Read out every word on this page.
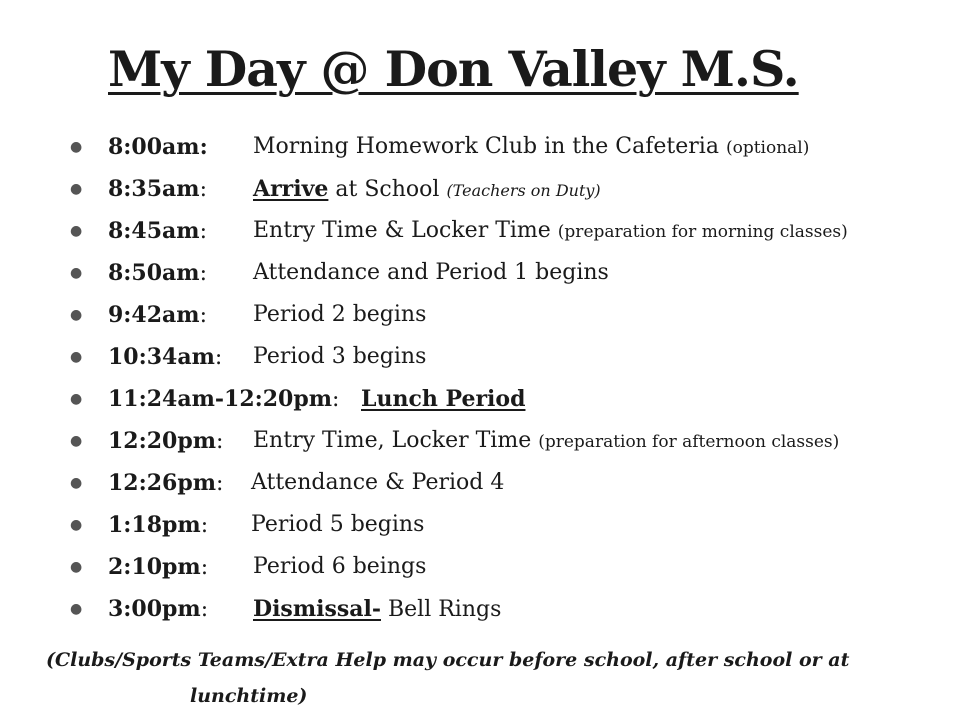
My Day @ Don Valley M.S.
● 8:00am: Morning Homework Club in the Cafeteria (optional)
● 8:35am: Arrive at School (Teachers on Duty)
● 8:45am: Entry Time & Locker Time (preparation for morning classes)
● 8:50am: Attendance and Period 1 begins
● 9:42am: Period 2 begins
● 10:34am: Period 3 begins
● 11:24am-12:20pm: Lunch Period
● 12:20pm: Entry Time, Locker Time (preparation for afternoon classes)
● 12:26pm: Attendance & Period 4
● 1:18pm: Period 5 begins
● 2:10pm: Period 6 beings
● 3:00pm: Dismissal- Bell Rings
(Clubs/Sports Teams/Extra Help may occur before school, after school or at
lunchtime)
